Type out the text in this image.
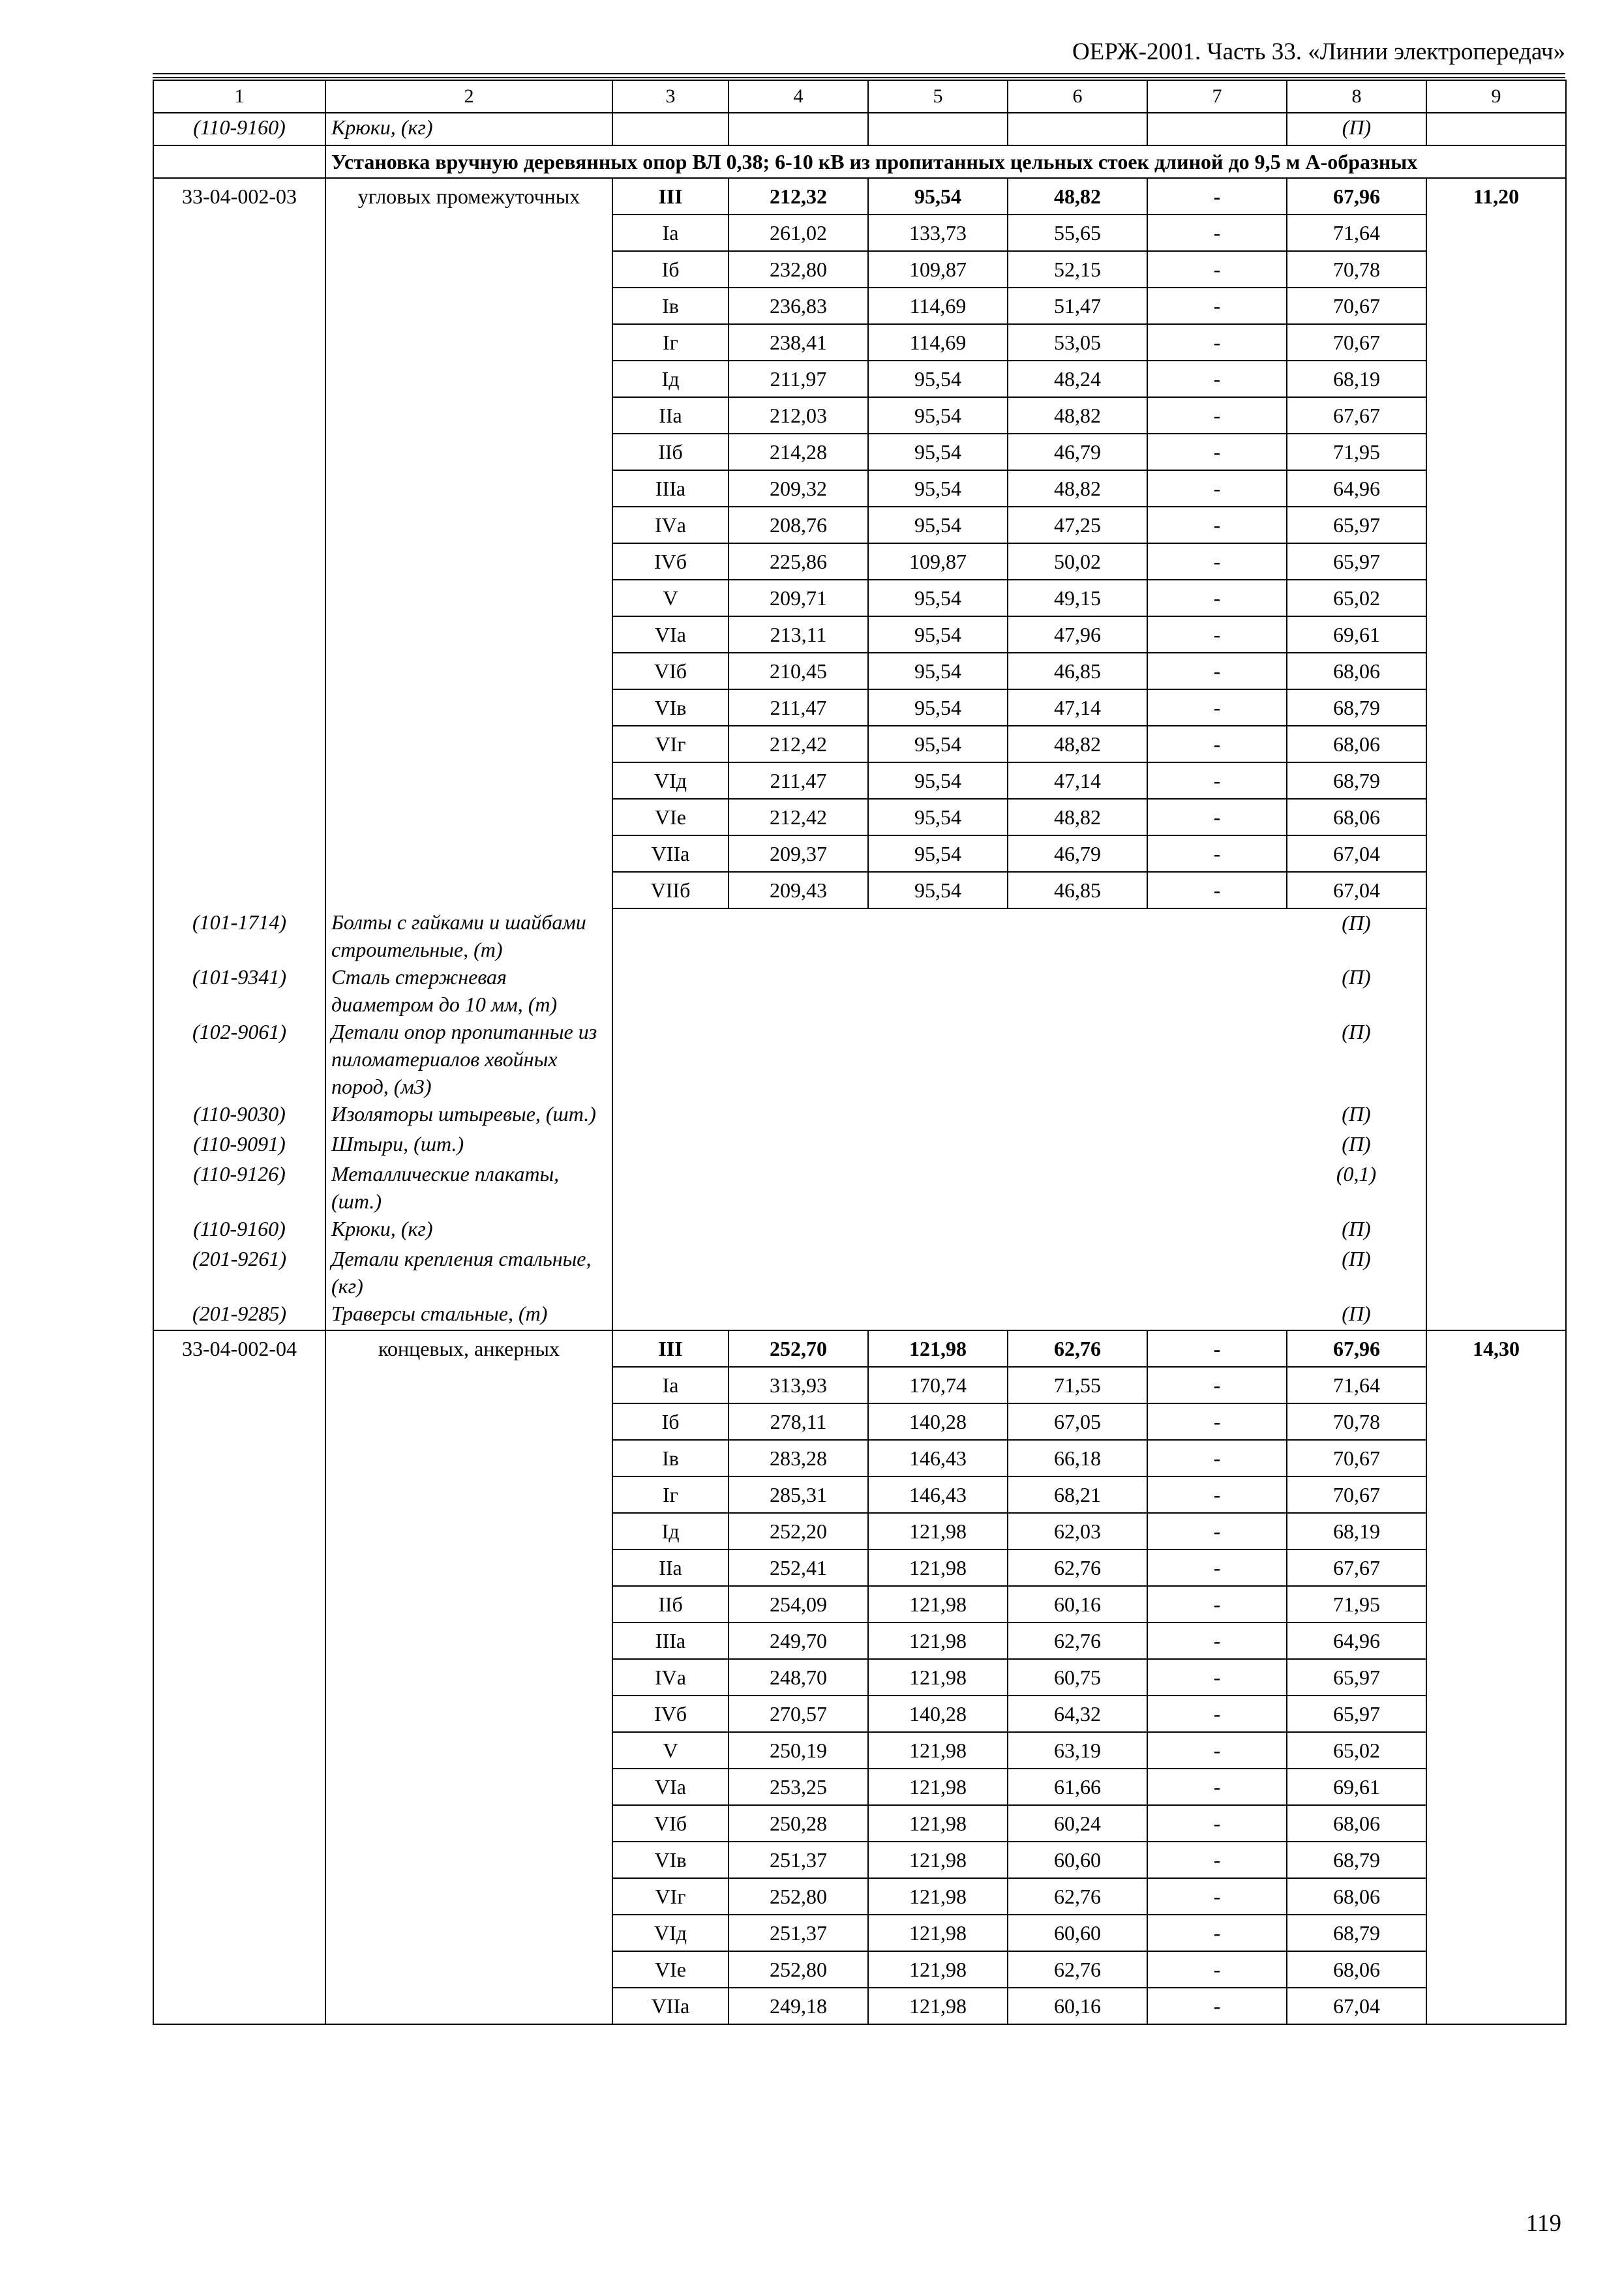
ОЕРЖ-2001. Часть 33. «Линии электропередач»
1	2	3	4	5	6	7	8	9
(110-9160)	Крюки, (кг)						(П)	
	Установка вручную деревянных опор ВЛ 0,38; 6-10 кВ из пропитанных цельных стоек длиной до 9,5 м А-образных							
33-04-002-03	угловых промежуточных	III	212,32	95,54	48,82	-	67,96	11,20
		Iа	261,02	133,73	55,65	-	71,64	
		Iб	232,80	109,87	52,15	-	70,78	
		Iв	236,83	114,69	51,47	-	70,67	
		Iг	238,41	114,69	53,05	-	70,67	
		Iд	211,97	95,54	48,24	-	68,19	
		IIа	212,03	95,54	48,82	-	67,67	
		IIб	214,28	95,54	46,79	-	71,95	
		IIIа	209,32	95,54	48,82	-	64,96	
		IVа	208,76	95,54	47,25	-	65,97	
		IVб	225,86	109,87	50,02	-	65,97	
		V	209,71	95,54	49,15	-	65,02	
		VIа	213,11	95,54	47,96	-	69,61	
		VIб	210,45	95,54	46,85	-	68,06	
		VIв	211,47	95,54	47,14	-	68,79	
		VIг	212,42	95,54	48,82	-	68,06	
		VIд	211,47	95,54	47,14	-	68,79	
		VIе	212,42	95,54	48,82	-	68,06	
		VIIа	209,37	95,54	46,79	-	67,04	
		VIIб	209,43	95,54	46,85	-	67,04	
(101-1714)	Болты с гайками и шайбами строительные, (т)						(П)	
(101-9341)	Сталь стержневая диаметром до 10 мм, (т)						(П)	
(102-9061)	Детали опор пропитанные из пиломатериалов хвойных пород, (м3)						(П)	
(110-9030)	Изоляторы штыревые, (шт.)						(П)	
(110-9091)	Штыри, (шт.)						(П)	
(110-9126)	Металлические плакаты, (шт.)						(0,1)	
(110-9160)	Крюки, (кг)						(П)	
(201-9261)	Детали крепления стальные, (кг)						(П)	
(201-9285)	Траверсы стальные, (т)						(П)	
33-04-002-04	концевых, анкерных	III	252,70	121,98	62,76	-	67,96	14,30
		Iа	313,93	170,74	71,55	-	71,64	
		Iб	278,11	140,28	67,05	-	70,78	
		Iв	283,28	146,43	66,18	-	70,67	
		Iг	285,31	146,43	68,21	-	70,67	
		Iд	252,20	121,98	62,03	-	68,19	
		IIа	252,41	121,98	62,76	-	67,67	
		IIб	254,09	121,98	60,16	-	71,95	
		IIIа	249,70	121,98	62,76	-	64,96	
		IVа	248,70	121,98	60,75	-	65,97	
		IVб	270,57	140,28	64,32	-	65,97	
		V	250,19	121,98	63,19	-	65,02	
		VIа	253,25	121,98	61,66	-	69,61	
		VIб	250,28	121,98	60,24	-	68,06	
		VIв	251,37	121,98	60,60	-	68,79	
		VIг	252,80	121,98	62,76	-	68,06	
		VIд	251,37	121,98	60,60	-	68,79	
		VIе	252,80	121,98	62,76	-	68,06	
		VIIа	249,18	121,98	60,16	-	67,04	
119
